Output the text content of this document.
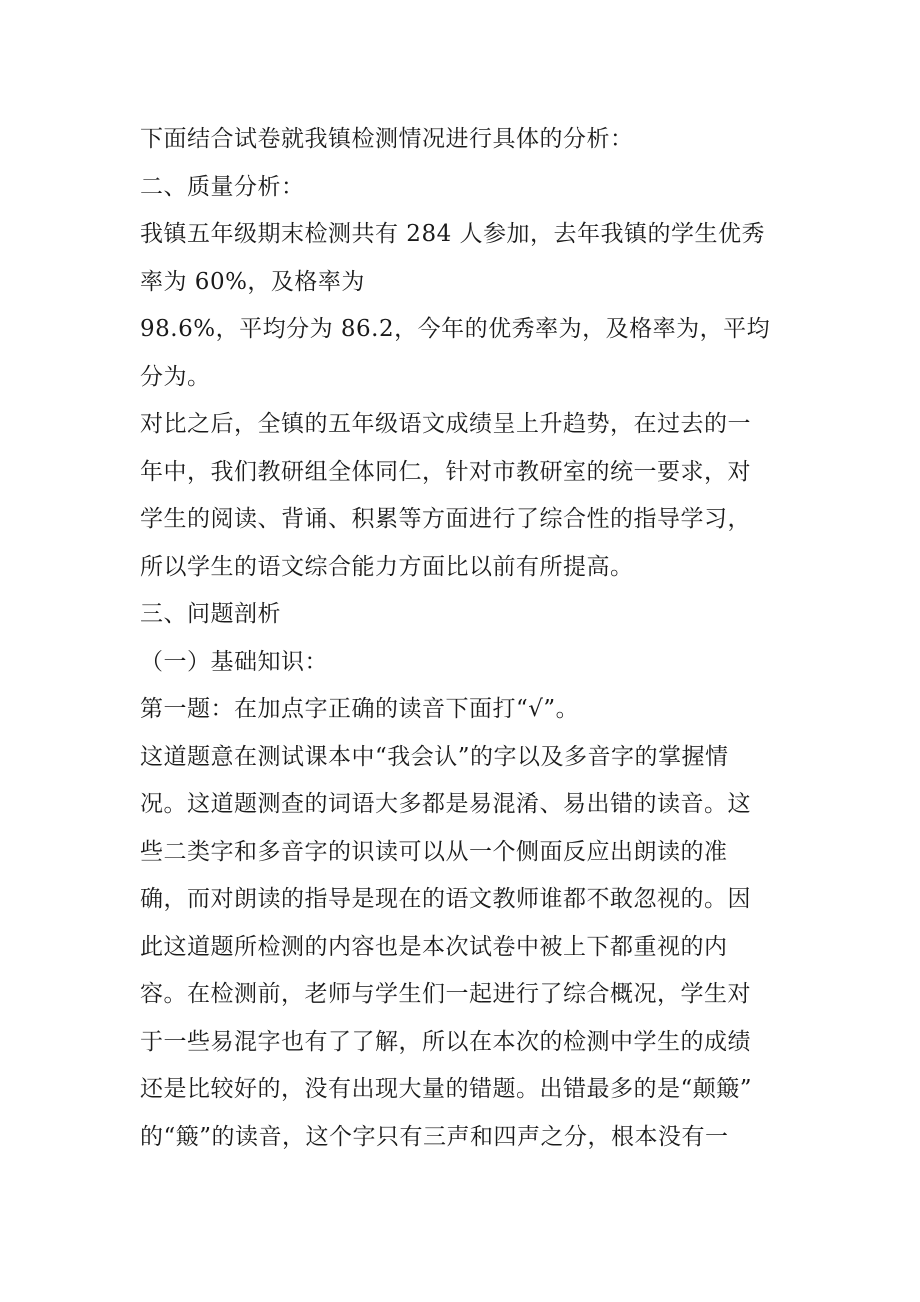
下面结合试卷就我镇检测情况进行具体的分析：
二、质量分析：
我镇五年级期末检测共有 284 人参加，去年我镇的学生优秀
率为 60%，及格率为
98.6%，平均分为 86.2，今年的优秀率为，及格率为，平均
分为。
对比之后，全镇的五年级语文成绩呈上升趋势，在过去的一
年中，我们教研组全体同仁，针对市教研室的统一要求，对
学生的阅读、背诵、积累等方面进行了综合性的指导学习，
所以学生的语文综合能力方面比以前有所提高。
三、问题剖析
（一）基础知识：
第一题：在加点字正确的读音下面打“√”。
这道题意在测试课本中“我会认”的字以及多音字的掌握情
况。这道题测查的词语大多都是易混淆、易出错的读音。这
些二类字和多音字的识读可以从一个侧面反应出朗读的准
确，而对朗读的指导是现在的语文教师谁都不敢忽视的。因
此这道题所检测的内容也是本次试卷中被上下都重视的内
容。在检测前，老师与学生们一起进行了综合概况，学生对
于一些易混字也有了了解，所以在本次的检测中学生的成绩
还是比较好的，没有出现大量的错题。出错最多的是“颠簸”
的“簸”的读音，这个字只有三声和四声之分，根本没有一
